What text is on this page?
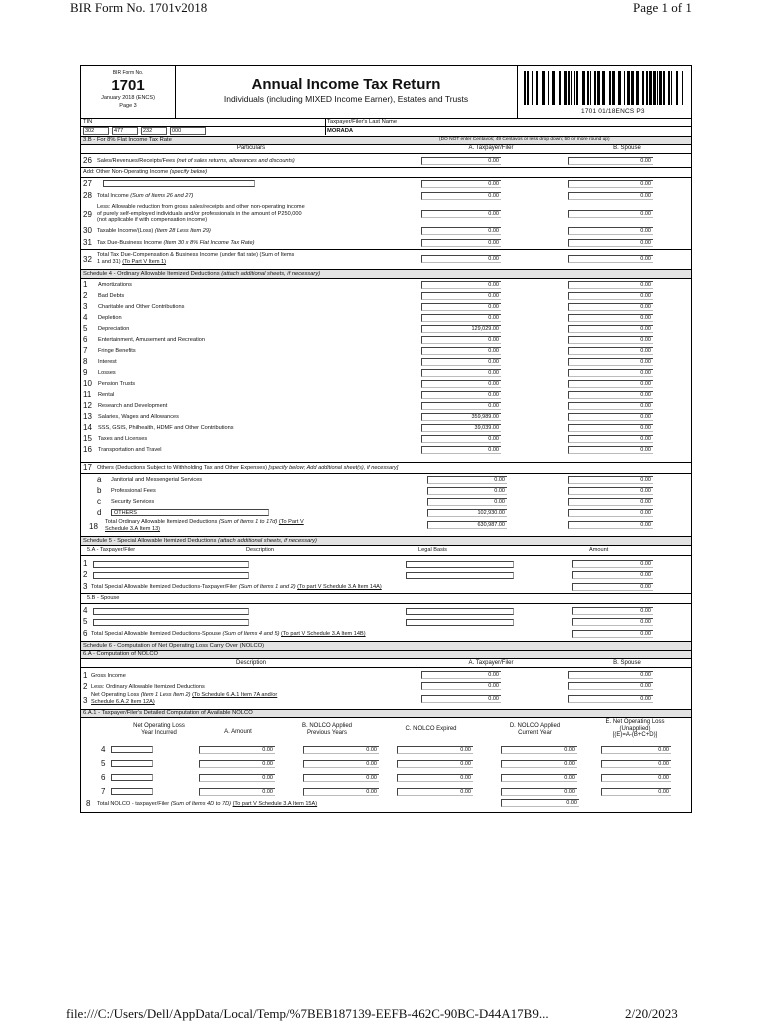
BIR Form No. 1701v2018	Page 1 of 1
BIR Form No.
1701
January 2018 (ENCS)
Page 3
Annual Income Tax Return
Individuals (including MIXED Income Earner), Estates and Trusts
1701 01/18ENCS P3
TIN	Taxpayer/Filer's Last Name
302	477	232	000	MORADA
3.B - For 8% Flat Income Tax Rate	(DO NOT enter Centavos; 49 Centavos or less drop down; 50 or more round up)
Particulars	A. Taxpayer/Filer	B. Spouse
26 Sales/Revenues/Receipts/Fees (net of sales returns, allowances and discounts)	0.00	0.00
Add: Other Non-Operating Income (specify below)
27	0.00	0.00
28 Total Income (Sum of Items 26 and 27)	0.00	0.00
29
Less: Allowable reduction from gross sales/receipts and other non-operating income
of purely self-employed individuals and/or professionals in the amount of P250,000
(not applicable if with compensation income)
0.00	0.00
30 Taxable Income/(Loss) (Item 28 Less Item 29)	0.00	0.00
31 Tax Due-Business Income (Item 30 x 8% Flat Income Tax Rate)	0.00	0.00
32 Total Tax Due-Compensation & Business Income (under flat rate) (Sum of Items
1 and 31) (To Part V Item 1)	0.00	0.00
Schedule 4 - Ordinary Allowable Itemized Deductions (attach additional sheets, if necessary)
1 Amortizations	0.00	0.00
2 Bad Debts	0.00	0.00
3 Charitable and Other Contributions	0.00	0.00
4 Depletion	0.00	0.00
5 Depreciation	129,029.00	0.00
6 Entertainment, Amusement and Recreation	0.00	0.00
7 Fringe Benefits	0.00	0.00
8 Interest	0.00	0.00
9 Losses	0.00	0.00
10 Pension Trusts	0.00	0.00
11 Rental	0.00	0.00
12 Research and Development	0.00	0.00
13 Salaries, Wages and Allowances	359,989.00	0.00
14 SSS, GSIS, Philhealth, HDMF and Other Contributions	39,039.00	0.00
15 Taxes and Licenses	0.00	0.00
16 Transportation and Travel	0.00	0.00
17 Others (Deductions Subject to Withholding Tax and Other Expenses) [specify below; Add additional sheet(s), if necessary]
a Janitorial and Messengerial Services	0.00	0.00
b Professional Fees	0.00	0.00
c Security Services	0.00	0.00
d	OTHERS	102,930.00	0.00
18 Total Ordinary Allowable Itemized Deductions (Sum of Items 1 to 17d) (To Part V
Schedule 3.A Item 13)
630,987.00	0.00
Schedule 5 - Special Allowable Itemized Deductions (attach additional sheets, if necessary)
5.A - Taxpayer/Filer	Description	Legal Basis	Amount
1	0.00
2	0.00
3 Total Special Allowable Itemized Deductions-Taxpayer/Filer (Sum of Items 1 and 2) (To part V Schedule 3.A Item 14A)	0.00
5.B - Spouse
4	0.00
5	0.00
6 Total Special Allowable Itemized Deductions-Spouse (Sum of Items 4 and 5) (To part V Schedule 3.A Item 14B)	0.00
Schedule 6 - Computation of Net Operating Loss Carry Over (NOLCO)
6.A - Computation of NOLCO
Description	A. Taxpayer/Filer	B. Spouse
1 Gross Income	0.00	0.00
2 Less: Ordinary Allowable Itemized Deductions	0.00	0.00
3
Net Operating Loss (Item 1 Less Item 2) (To Schedule 6.A.1 Item 7A and/or
Schedule 6.A.2 Item 12A)	0.00	0.00
6.A.1 - Taxpayer/Filer's Detailed Computation of Available NOLCO
Net Operating Loss
Year Incurred	A. Amount
B. NOLCO Applied
Previous Years
C. NOLCO Expired	D. NOLCO Applied
Current Year
E. Net Operating Loss
(Unapplied)
[(E)=A-(B+C+D)]
4	0.00	0.00	0.00	0.00	0.00
5	0.00	0.00	0.00	0.00	0.00
6	0.00	0.00	0.00	0.00	0.00
7	0.00	0.00	0.00	0.00	0.00
8 Total NOLCO - taxpayer/Filer (Sum of Items 4D to 7D) (To part V Schedule 3.A Item 15A)	0.00
file:///C:/Users/Dell/AppData/Local/Temp/%7BEB187139-EEFB-462C-90BC-D44A17B9...	2/20/2023
